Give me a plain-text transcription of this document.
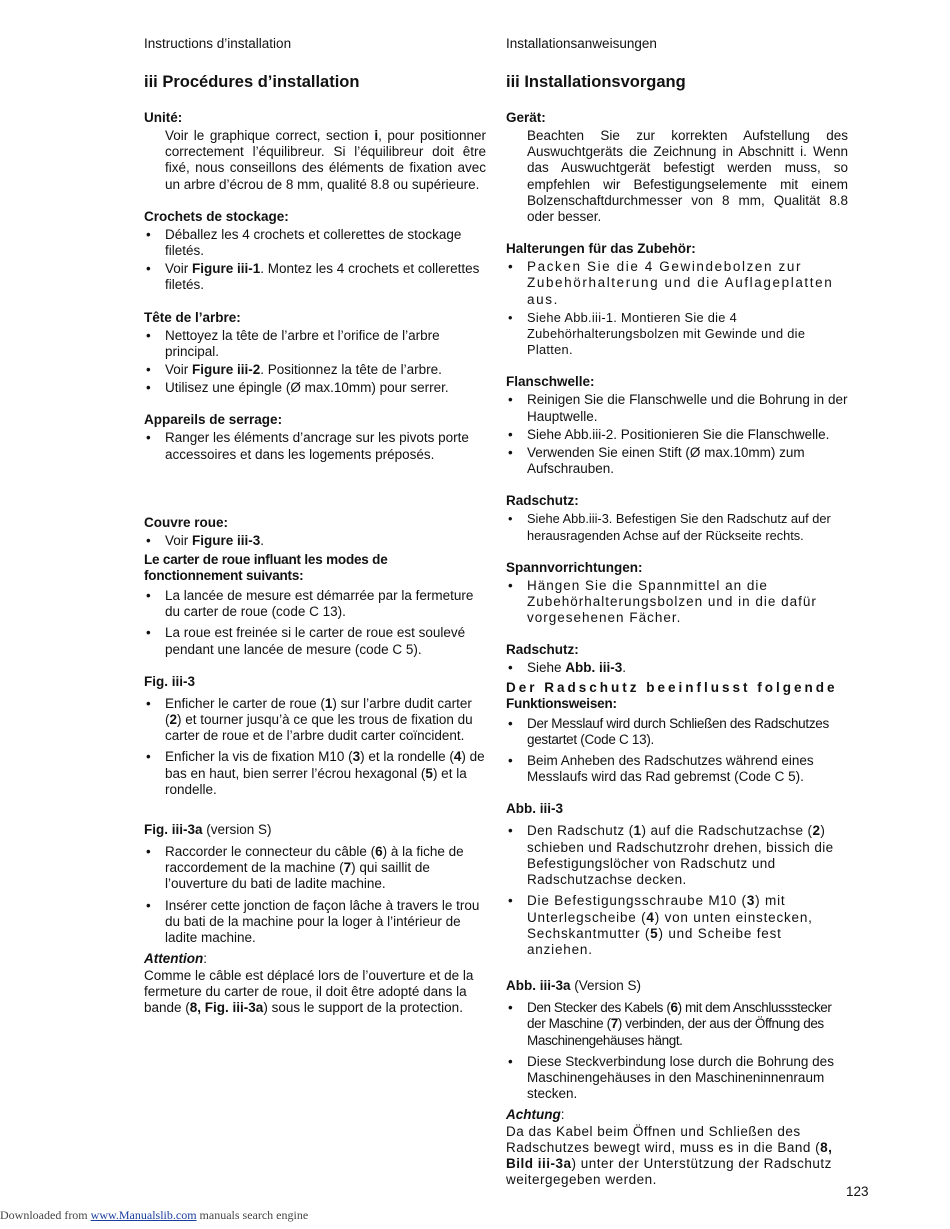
Instructions d’installation
iii Procédures d’installation
Unité:

Voir le graphique correct, section i, pour positionner correctement l’équilibreur. Si l’équilibreur doit être fixé, nous conseillons des éléments de fixation avec un arbre d’écrou de 8 mm, qualité 8.8 ou supérieure.

Crochets de stockage:
• Déballez les 4 crochets et collerettes de stockage filetés.
• Voir Figure iii-1. Montez les 4 crochets et collerettes filetés.
Tête de l’arbre:
• Nettoyez la tête de l’arbre et l’orifice de l’arbre principal.
• Voir Figure iii-2. Positionnez la tête de l’arbre.
• Utilisez une épingle (Ø max.10mm) pour serrer.
Appareils de serrage:
• Ranger les éléments d’ancrage sur les pivots porte accessoires et dans les logements préposés.
Couvre roue:
• Voir Figure iii-3.
Le carter de roue influant les modes de fonctionnement suivants:
• La lancée de mesure est démarrée par la fermeture du carter de roue (code C 13).
• La roue est freinée si le carter de roue est soulevé pendant une lancée de mesure (code C 5).
Fig. iii-3
• Enficher le carter de roue (1) sur l’arbre dudit carter (2) et tourner jusqu’à ce que les trous de fixation du carter de roue et de l’arbre dudit carter coïncident.
• Enficher la vis de fixation M10 (3) et la rondelle (4) de bas en haut, bien serrer l’écrou hexagonal (5) et la rondelle.
Fig. iii-3a (version S)
• Raccorder le connecteur du câble (6) à la fiche de raccordement de la machine (7) qui saillit de l’ouverture du bati de ladite machine.
• Insérer cette jonction de façon lâche à travers le trou du bati de la machine pour la loger à l’intérieur de ladite machine.

Attention:

Comme le câble est déplacé lors de l’ouverture et de la fermeture du carter de roue, il doit être adopté dans la bande (8, Fig. iii-3a) sous le support de la protection.

Installationsanweisungen
iii Installationsvorgang
Gerät:

Beachten Sie zur korrekten Aufstellung des Auswuchtgeräts die Zeichnung in Abschnitt i. Wenn das Auswuchtgerät befestigt werden muss, so empfehlen wir Befestigungselemente mit einem Bolzenschaftdurchmesser von 8 mm, Qualität 8.8 oder besser.

Halterungen für das Zubehör:
• Packen Sie die 4 Gewindebolzen zur Zubehörhalterung und die Auflageplatten aus.
• Siehe Abb.iii-1. Montieren Sie die 4 Zubehörhalterungsbolzen mit Gewinde und die Platten.
Flanschwelle:
• Reinigen Sie die Flanschwelle und die Bohrung in der Hauptwelle.
• Siehe Abb.iii-2. Positionieren Sie die Flanschwelle.
• Verwenden Sie einen Stift (Ø max.10mm) zum Aufschrauben.
Radschutz:
• Siehe Abb.iii-3. Befestigen Sie den Radschutz auf der herausragenden Achse auf der Rückseite rechts.
Spannvorrichtungen:
• Hängen Sie die Spannmittel an die Zubehörhalterungsbolzen und in die dafür vorgesehenen Fächer.
Radschutz:
• Siehe Abb. iii-3.
Der Radschutz beeinflusst folgende
Funktionsweisen:
• Der Messlauf wird durch Schließen des Radschutzes gestartet (Code C 13).
• Beim Anheben des Radschutzes während eines Messlaufs wird das Rad gebremst (Code C 5).
Abb. iii-3
• Den Radschutz (1) auf die Radschutzachse (2) schieben und Radschutzrohr drehen, bissich die Befestigungslöcher von Radschutz und Radschutzachse decken.
• Die Befestigungsschraube M10 (3) mit Unterlegscheibe (4) von unten einstecken, Sechskantmutter (5) und Scheibe fest anziehen.
Abb. iii-3a (Version S)
• Den Stecker des Kabels (6) mit dem Anschlussstecker der Maschine (7) verbinden, der aus der Öffnung des Maschinengehäuses hängt.
• Diese Steckverbindung lose durch die Bohrung des Maschinengehäuses in den Maschineninnenraum stecken.

Achtung:

Da das Kabel beim Öffnen und Schließen des Radschutzes bewegt wird, muss es in die Band (8, Bild iii-3a) unter der Unterstützung der Radschutz weitergegeben werden.

123
Downloaded from www.Manualslib.com manuals search engine
